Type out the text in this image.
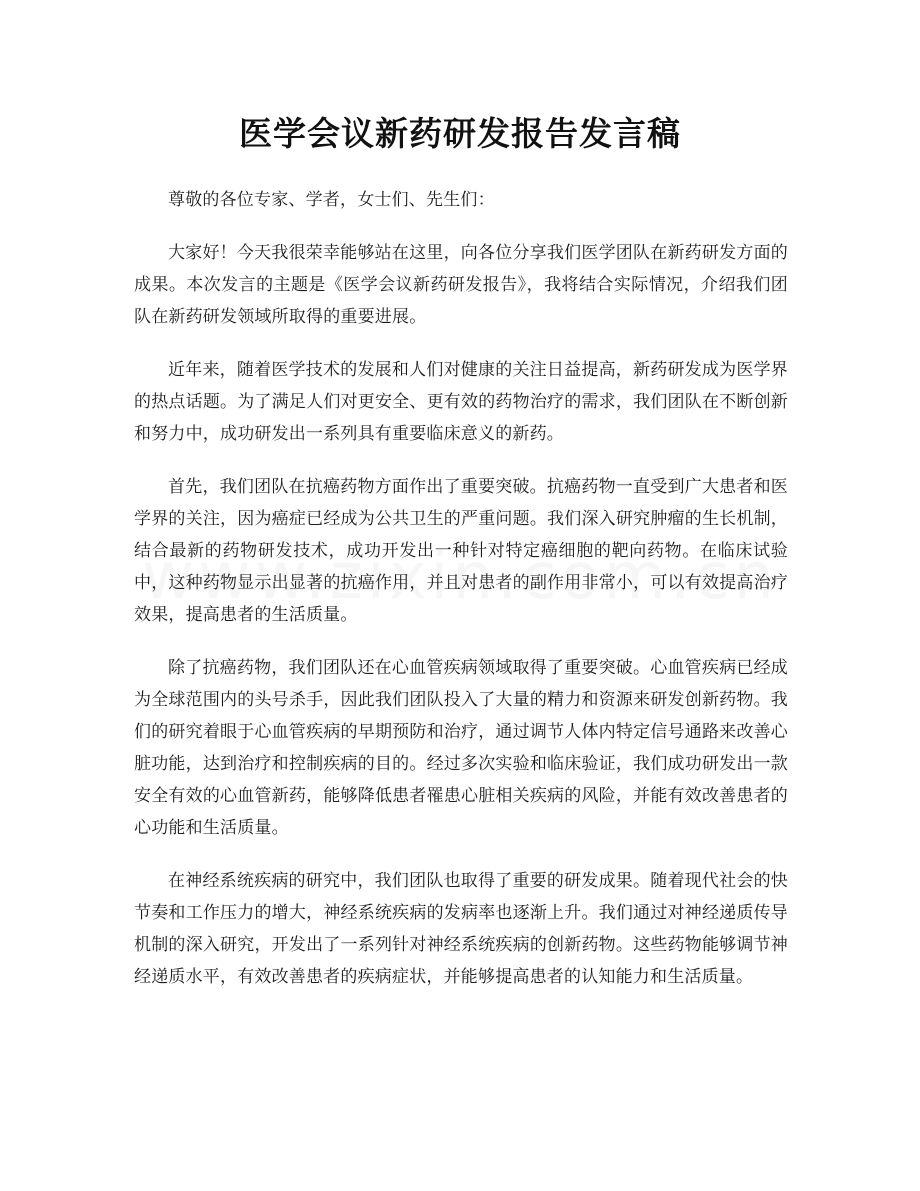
医学会议新药研发报告发言稿

尊敬的各位专家、学者，女士们、先生们：

大家好！今天我很荣幸能够站在这里，向各位分享我们医学团队在新药研发方面的成果。本次发言的主题是《医学会议新药研发报告》，我将结合实际情况，介绍我们团队在新药研发领域所取得的重要进展。

近年来，随着医学技术的发展和人们对健康的关注日益提高，新药研发成为医学界的热点话题。为了满足人们对更安全、更有效的药物治疗的需求，我们团队在不断创新和努力中，成功研发出一系列具有重要临床意义的新药。

首先，我们团队在抗癌药物方面作出了重要突破。抗癌药物一直受到广大患者和医学界的关注，因为癌症已经成为公共卫生的严重问题。我们深入研究肿瘤的生长机制，结合最新的药物研发技术，成功开发出一种针对特定癌细胞的靶向药物。在临床试验中，这种药物显示出显著的抗癌作用，并且对患者的副作用非常小，可以有效提高治疗效果，提高患者的生活质量。

除了抗癌药物，我们团队还在心血管疾病领域取得了重要突破。心血管疾病已经成为全球范围内的头号杀手，因此我们团队投入了大量的精力和资源来研发创新药物。我们的研究着眼于心血管疾病的早期预防和治疗，通过调节人体内特定信号通路来改善心脏功能，达到治疗和控制疾病的目的。经过多次实验和临床验证，我们成功研发出一款安全有效的心血管新药，能够降低患者罹患心脏相关疾病的风险，并能有效改善患者的心功能和生活质量。

在神经系统疾病的研究中，我们团队也取得了重要的研发成果。随着现代社会的快节奏和工作压力的增大，神经系统疾病的发病率也逐渐上升。我们通过对神经递质传导机制的深入研究，开发出了一系列针对神经系统疾病的创新药物。这些药物能够调节神经递质水平，有效改善患者的疾病症状，并能够提高患者的认知能力和生活质量。
